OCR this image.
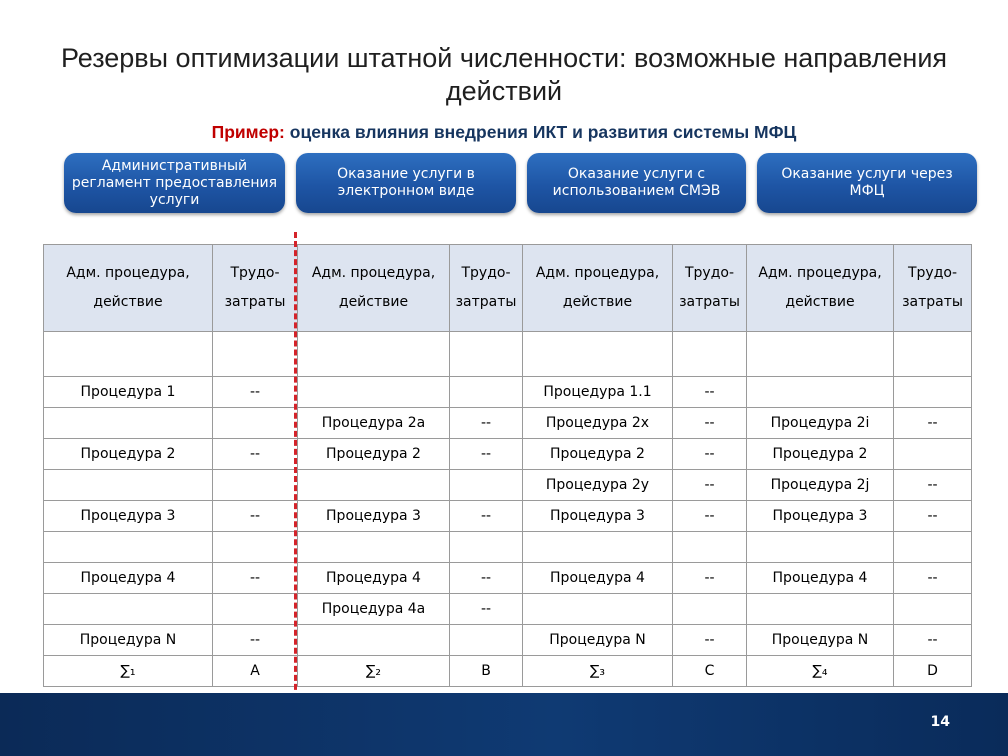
Резервы оптимизации штатной численности: возможные направления действий
Пример: оценка влияния внедрения ИКТ и развития системы МФЦ
Административный регламент предоставления услуги
Оказание услуги в электронном виде
Оказание услуги с использованием СМЭВ
Оказание услуги через МФЦ
Адм. процедура, действие	Трудо-затраты	Адм. процедура, действие	Трудо-затраты	Адм. процедура, действие	Трудо-затраты	Адм. процедура, действие	Трудо-затраты

Процедура 1	--			Процедура 1.1	--		
		Процедура 2а	--	Процедура 2х	--	Процедура 2i	--
Процедура 2	--	Процедура 2	--	Процедура 2	--	Процедура 2	
				Процедура 2у	--	Процедура 2j	--
Процедура 3	--	Процедура 3	--	Процедура 3	--	Процедура 3	--

Процедура 4	--	Процедура 4	--	Процедура 4	--	Процедура 4	--
		Процедура 4а	--				
Процедура N	--			Процедура N	--	Процедура N	--
∑₁	A	∑₂	B	∑₃	C	∑₄	D
14
